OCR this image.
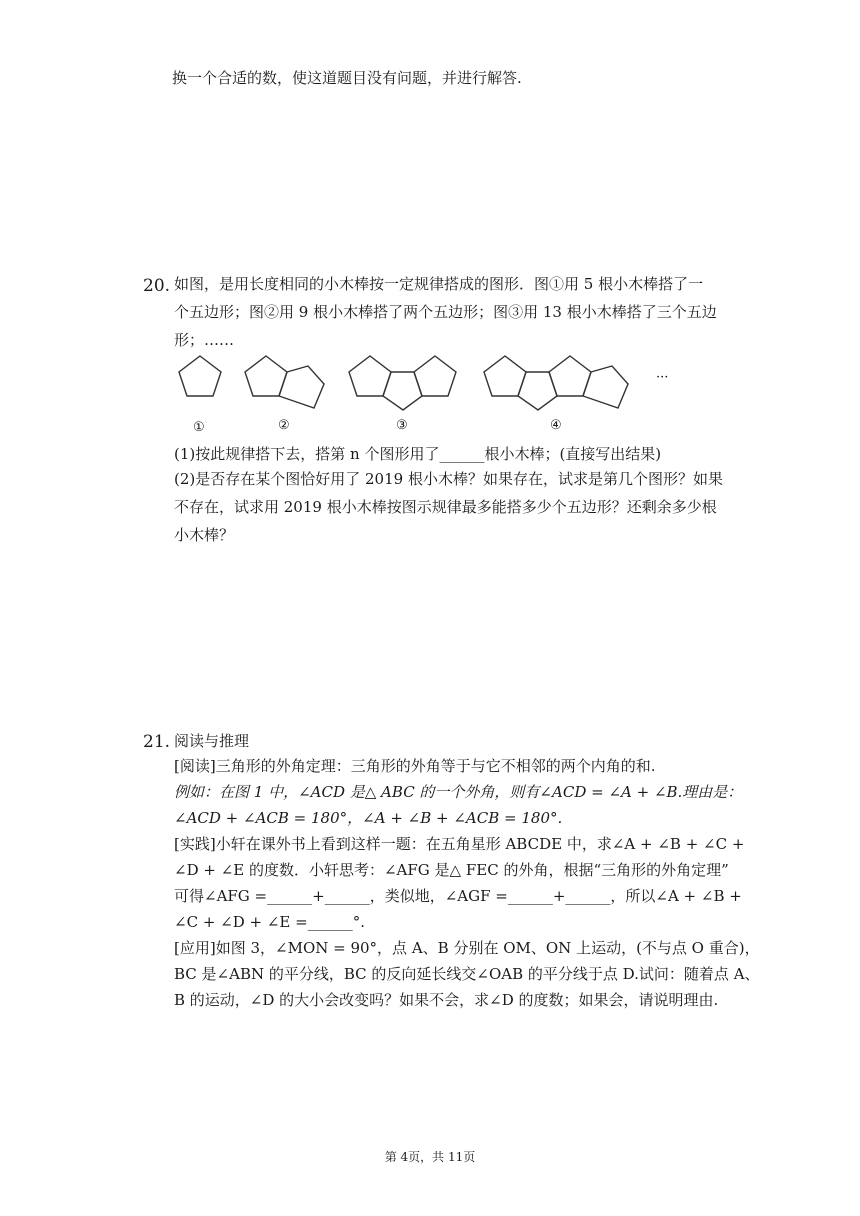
换一个合适的数，使这道题目没有问题，并进行解答.
20. 如图，是用长度相同的小木棒按一定规律搭成的图形．图①用 5 根小木棒搭了一
个五边形；图②用 9 根小木棒搭了两个五边形；图③用 13 根小木棒搭了三个五边
形；……
①	②	③	④
···
(1)按此规律搭下去，搭第 n 个图形用了______根小木棒；(直接写出结果)
(2)是否存在某个图恰好用了 2019 根小木棒？如果存在，试求是第几个图形？如果
不存在，试求用 2019 根小木棒按图示规律最多能搭多少个五边形？还剩余多少根
小木棒？
21. 阅读与推理
[阅读]三角形的外角定理：三角形的外角等于与它不相邻的两个内角的和.
例如：在图 1 中，∠ACD 是△ ABC 的一个外角，则有∠ACD = ∠A + ∠B.理由是：
∠ACD + ∠ACB = 180°，∠A + ∠B + ∠ACB = 180°.
[实践]小轩在课外书上看到这样一题：在五角星形 ABCDE 中，求∠A + ∠B + ∠C +
∠D + ∠E 的度数．小轩思考：∠AFG 是△ FEC 的外角，根据“三角形的外角定理”
可得∠AFG =______+______，类似地，∠AGF =______+______，所以∠A + ∠B +
∠C + ∠D + ∠E =______°.
[应用]如图 3，∠MON = 90°，点 A、B 分别在 OM、ON 上运动，(不与点 O 重合)，
BC 是∠ABN 的平分线，BC 的反向延长线交∠OAB 的平分线于点 D.试问：随着点 A、
B 的运动，∠D 的大小会改变吗？如果不会，求∠D 的度数；如果会，请说明理由.
第 4页，共 11页
